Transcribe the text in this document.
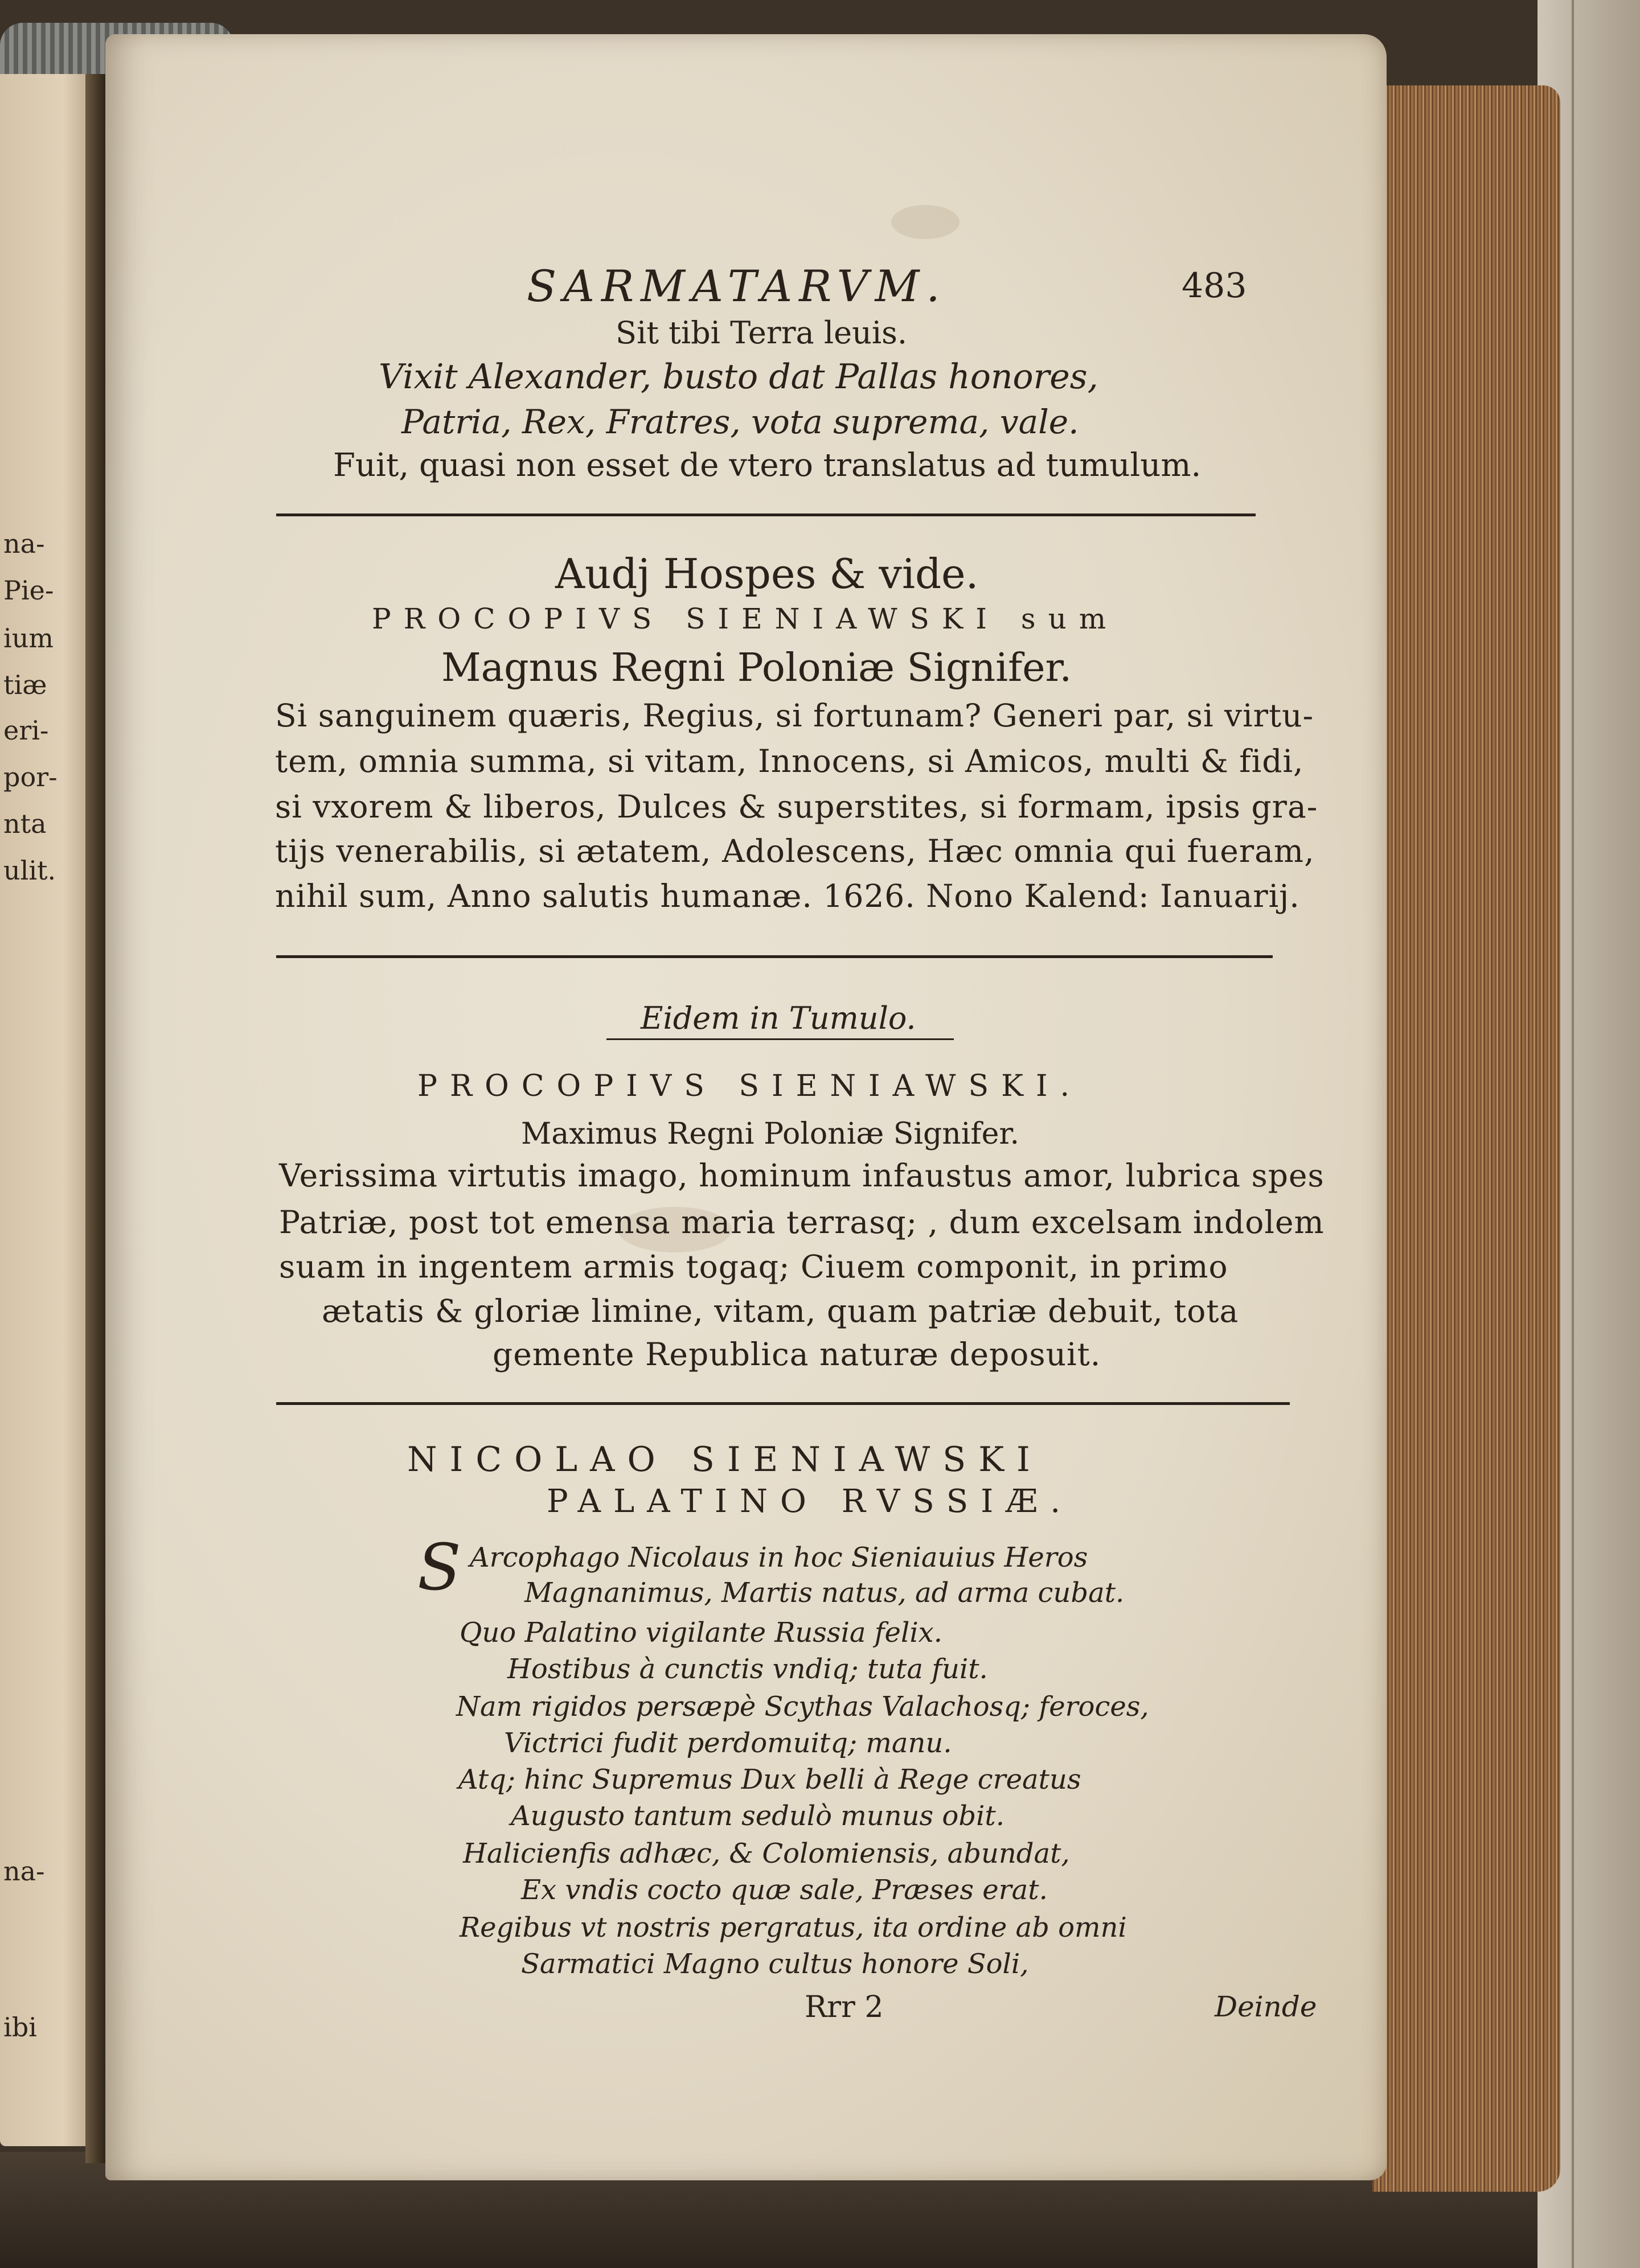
na-
Pie-
ium
tiæ
eri-
por-
nta
ulit.
na-
ibi
SARMATARVM.	483
Sit tibi Terra leuis.
Vixit Alexander, busto dat Pallas honores,
Patria, Rex, Fratres, vota suprema, vale.
Fuit, quasi non esset de vtero translatus ad tumulum.
Audj Hospes & vide.
PROCOPIVS SIENIAWSKI sum
Magnus Regni Poloniæ Signifer.
Si sanguinem quæris, Regius, si fortunam? Generi par, si virtu-
tem, omnia summa, si vitam, Innocens, si Amicos, multi & fidi,
si vxorem & liberos, Dulces & superstites, si formam, ipsis gra-
tijs venerabilis, si ætatem, Adolescens, Hæc omnia qui fueram,
nihil sum, Anno salutis humanæ. 1626. Nono Kalend: Ianuarij.
Eidem in Tumulo.
PROCOPIVS SIENIAWSKI.
Maximus Regni Poloniæ Signifer.
Verissima virtutis imago, hominum infaustus amor, lubrica spes
Patriæ, post tot emensa maria terrasq; , dum excelsam indolem
suam in ingentem armis togaq; Ciuem componit, in primo
ætatis & gloriæ limine, vitam, quam patriæ debuit, tota
gemente Republica naturæ deposuit.
NICOLAO SIENIAWSKI
PALATINO RVSSIÆ.
S Arcophago Nicolaus in hoc Sieniauius Heros
Magnanimus, Martis natus, ad arma cubat.
Quo Palatino vigilante Russia felix.
Hostibus à cunctis vndiq; tuta fuit.
Nam rigidos persæpè Scythas Valachosq; feroces,
Victrici fudit perdomuitq; manu.
Atq; hinc Supremus Dux belli à Rege creatus
Augusto tantum sedulò munus obit.
Halicienfis adhæc, & Colomiensis, abundat,
Ex vndis cocto quæ sale, Præses erat.
Regibus vt nostris pergratus, ita ordine ab omni
Sarmatici Magno cultus honore Soli,
Rrr 2	Deinde
